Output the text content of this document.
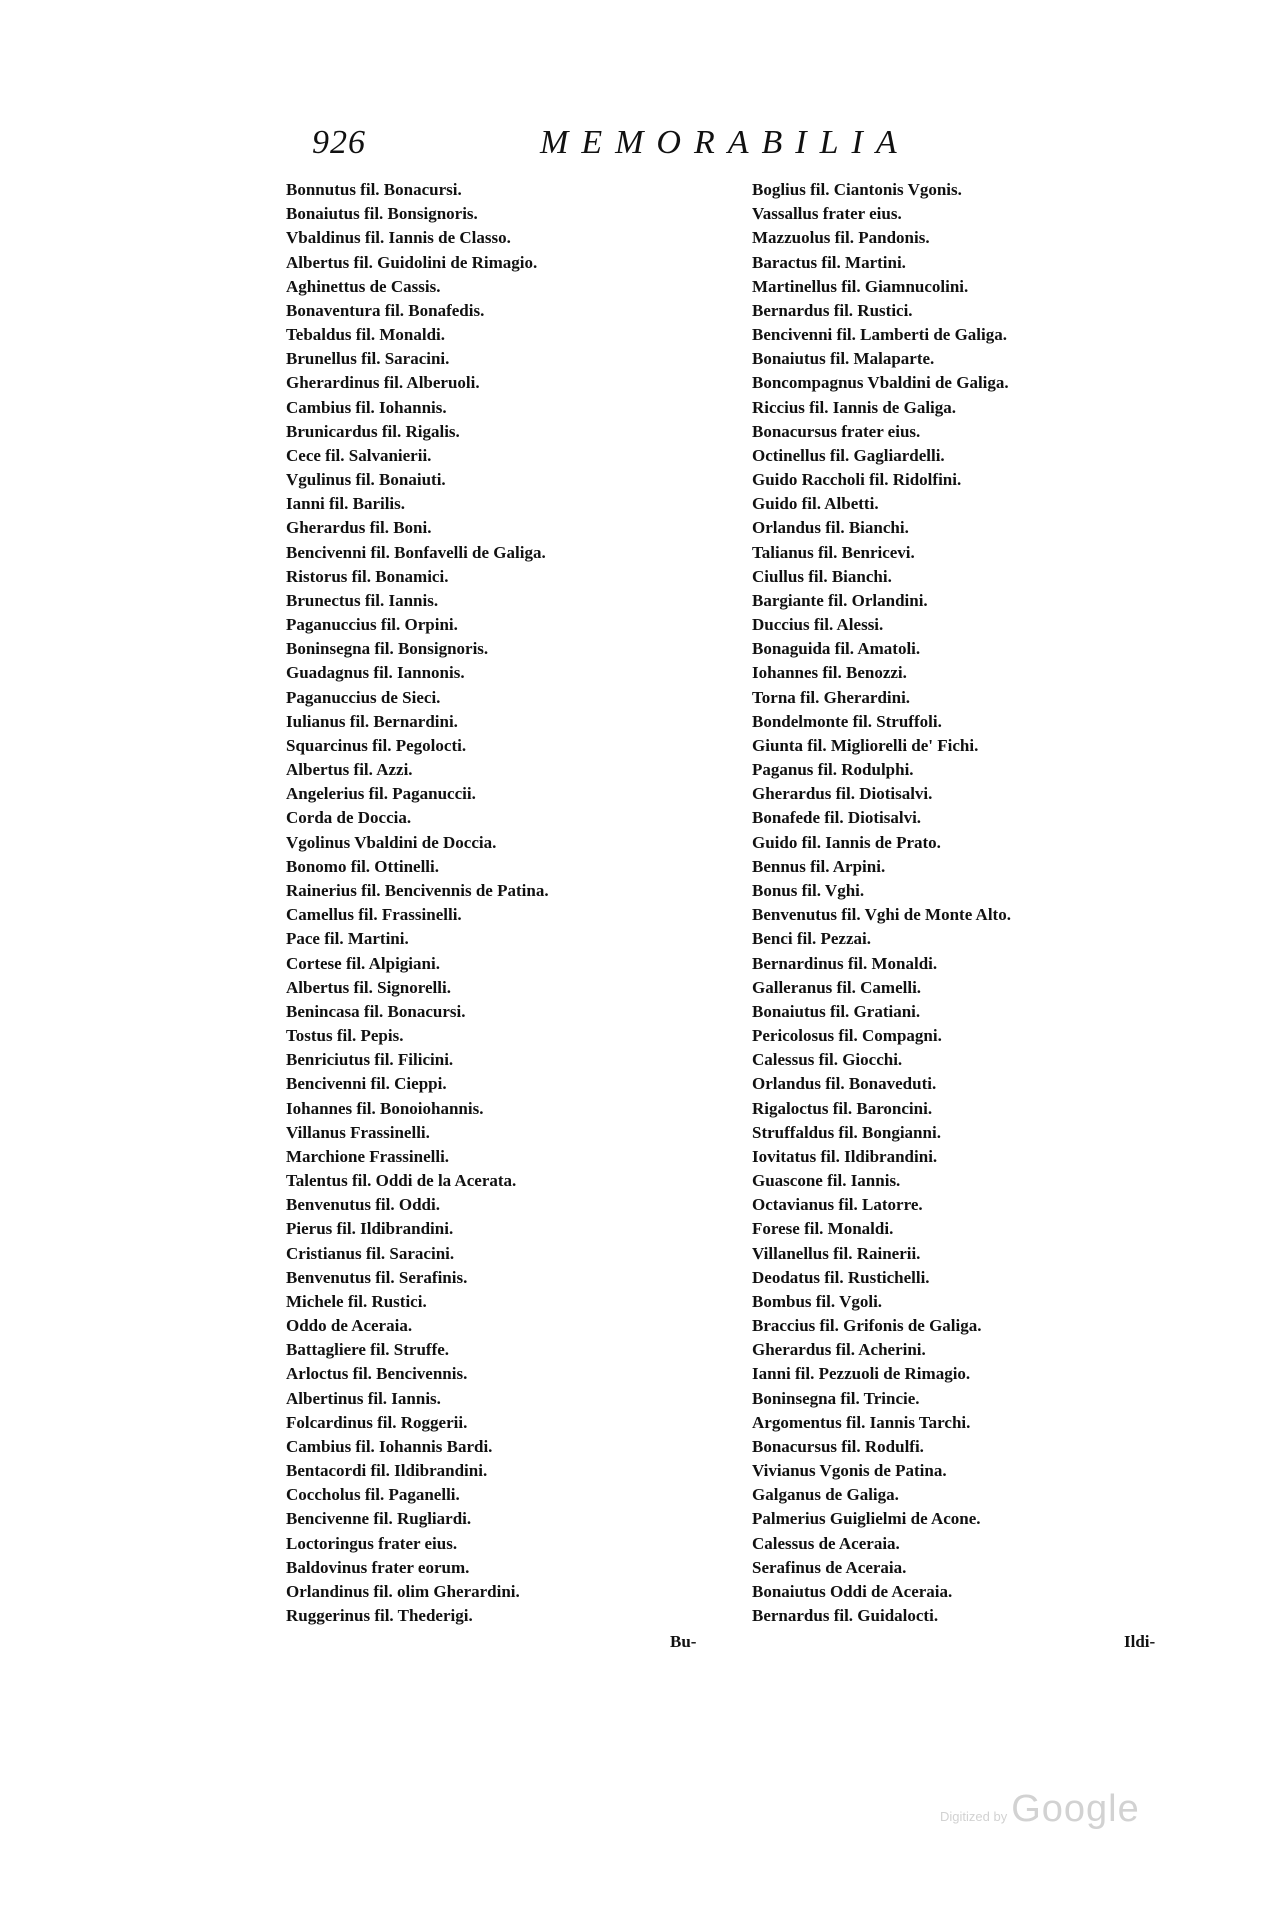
926	MEMORABILIA
Bonnutus fil. Bonacursi.
Bonaiutus fil. Bonsignoris.
Vbaldinus fil. Iannis de Classo.
Albertus fil. Guidolini de Rimagio.
Aghinettus de Cassis.
Bonaventura fil. Bonafedis.
Tebaldus fil. Monaldi.
Brunellus fil. Saracini.
Gherardinus fil. Alberuoli.
Cambius fil. Iohannis.
Brunicardus fil. Rigalis.
Cece fil. Salvanierii.
Vgulinus fil. Bonaiuti.
Ianni fil. Barilis.
Gherardus fil. Boni.
Bencivenni fil. Bonfavelli de Galiga.
Ristorus fil. Bonamici.
Brunectus fil. Iannis.
Paganuccius fil. Orpini.
Boninsegna fil. Bonsignoris.
Guadagnus fil. Iannonis.
Paganuccius de Sieci.
Iulianus fil. Bernardini.
Squarcinus fil. Pegolocti.
Albertus fil. Azzi.
Angelerius fil. Paganuccii.
Corda de Doccia.
Vgolinus Vbaldini de Doccia.
Bonomo fil. Ottinelli.
Rainerius fil. Bencivennis de Patina.
Camellus fil. Frassinelli.
Pace fil. Martini.
Cortese fil. Alpigiani.
Albertus fil. Signorelli.
Benincasa fil. Bonacursi.
Tostus fil. Pepis.
Benriciutus fil. Filicini.
Bencivenni fil. Cieppi.
Iohannes fil. Bonoiohannis.
Villanus Frassinelli.
Marchione Frassinelli.
Talentus fil. Oddi de la Acerata.
Benvenutus fil. Oddi.
Pierus fil. Ildibrandini.
Cristianus fil. Saracini.
Benvenutus fil. Serafinis.
Michele fil. Rustici.
Oddo de Aceraia.
Battagliere fil. Struffe.
Arloctus fil. Bencivennis.
Albertinus fil. Iannis.
Folcardinus fil. Roggerii.
Cambius fil. Iohannis Bardi.
Bentacordi fil. Ildibrandini.
Coccholus fil. Paganelli.
Bencivenne fil. Rugliardi.
Loctoringus frater eius.
Baldovinus frater eorum.
Orlandinus fil. olim Gherardini.
Ruggerinus fil. Thederigi.
Boglius fil. Ciantonis Vgonis.
Vassallus frater eius.
Mazzuolus fil. Pandonis.
Baractus fil. Martini.
Martinellus fil. Giamnucolini.
Bernardus fil. Rustici.
Bencivenni fil. Lamberti de Galiga.
Bonaiutus fil. Malaparte.
Boncompagnus Vbaldini de Galiga.
Riccius fil. Iannis de Galiga.
Bonacursus frater eius.
Octinellus fil. Gagliardelli.
Guido Raccholi fil. Ridolfini.
Guido fil. Albetti.
Orlandus fil. Bianchi.
Talianus fil. Benricevi.
Ciullus fil. Bianchi.
Bargiante fil. Orlandini.
Duccius fil. Alessi.
Bonaguida fil. Amatoli.
Iohannes fil. Benozzi.
Torna fil. Gherardini.
Bondelmonte fil. Struffoli.
Giunta fil. Migliorelli de' Fichi.
Paganus fil. Rodulphi.
Gherardus fil. Diotisalvi.
Bonafede fil. Diotisalvi.
Guido fil. Iannis de Prato.
Bennus fil. Arpini.
Bonus fil. Vghi.
Benvenutus fil. Vghi de Monte Alto.
Benci fil. Pezzai.
Bernardinus fil. Monaldi.
Galleranus fil. Camelli.
Bonaiutus fil. Gratiani.
Pericolosus fil. Compagni.
Calessus fil. Giocchi.
Orlandus fil. Bonaveduti.
Rigaloctus fil. Baroncini.
Struffaldus fil. Bongianni.
Iovitatus fil. Ildibrandini.
Guascone fil. Iannis.
Octavianus fil. Latorre.
Forese fil. Monaldi.
Villanellus fil. Rainerii.
Deodatus fil. Rustichelli.
Bombus fil. Vgoli.
Braccius fil. Grifonis de Galiga.
Gherardus fil. Acherini.
Ianni fil. Pezzuoli de Rimagio.
Boninsegna fil. Trincie.
Argomentus fil. Iannis Tarchi.
Bonacursus fil. Rodulfi.
Vivianus Vgonis de Patina.
Galganus de Galiga.
Palmerius Guiglielmi de Acone.
Calessus de Aceraia.
Serafinus de Aceraia.
Bonaiutus Oddi de Aceraia.
Bernardus fil. Guidalocti.
Bu-	Ildi-
Digitized by Google
